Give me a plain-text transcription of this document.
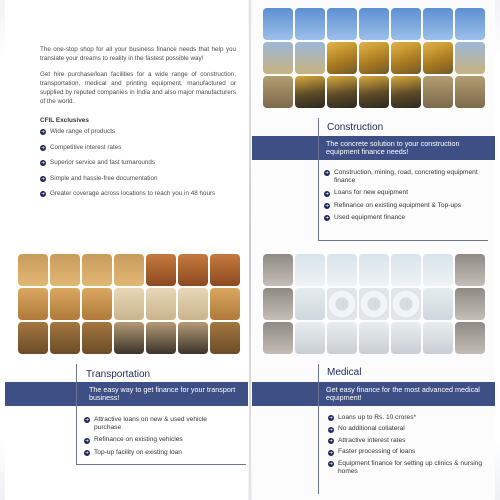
The one-stop shop for all your business finance needs that help you translate your dreams to reality in the fastest possible way!

Get hire purchase/loan facilities for a wide range of construction, transportation, medical and printing equipment, manufactured or supplied by reputed companies in India and also major manufacturers of the world.

CFIL Exclusives
➜ Wide range of products
➜ Competitive interest rates
➜ Superior service and fast turnarounds
➜ Simple and hassle-free documentation
➜ Greater coverage across locations to reach you in 48 hours
Construction
The concrete solution to your construction equipment finance needs!
➜ Construction, mining, road, concreting equipment finance
➜ Loans for new equipment
➜ Refinance on existing equipment & Top-ups
➜ Used equipment finance
Transportation
The easy way to get finance for your transport business!
➜ Attractive loans on new & used vehicle purchase
➜ Refinance on existing vehicles
➜ Top-up facility on existing loan
Medical
Get easy finance for the most advanced medical equipment!
➜ Loans up to Rs. 10 crores*
➜ No additional collateral
➜ Attractive interest rates
➜ Faster processing of loans
➜ Equipment finance for setting up clinics & nursing homes
